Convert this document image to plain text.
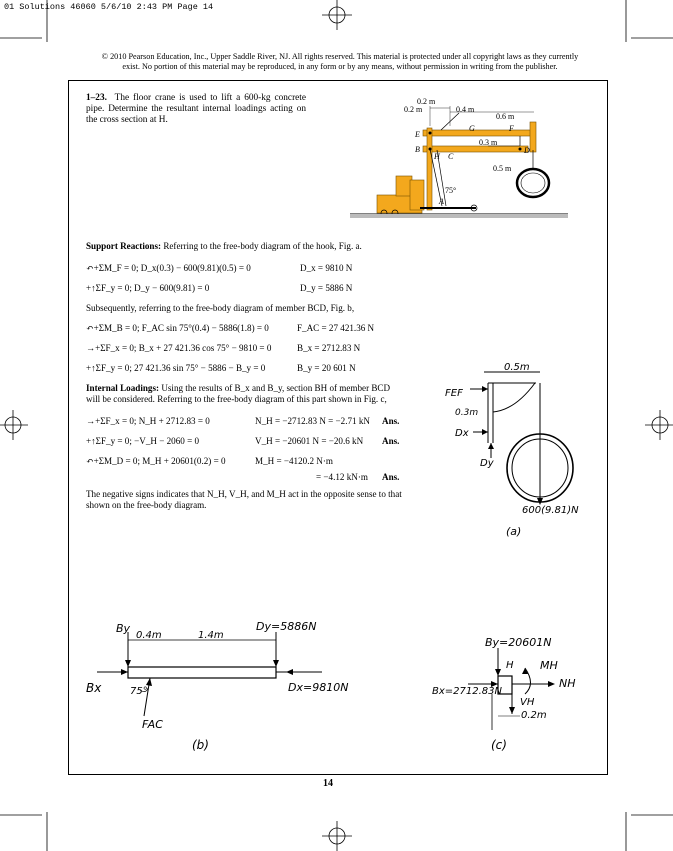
01 Solutions 46060 5/6/10 2:43 PM Page 14
© 2010 Pearson Education, Inc., Upper Saddle River, NJ. All rights reserved. This material is protected under all copyright laws as they currently exist. No portion of this material may be reproduced, in any form or by any means, without permission in writing from the publisher.
1–23. The floor crane is used to lift a 600-kg concrete pipe. Determine the resultant internal loadings acting on the cross section at H.
0.2 m
0.2 m	0.4 m
0.6 m
0.3 m
0.5 m
E
B
G	F
D
H C
A
75°
Support Reactions: Referring to the free-body diagram of the hook, Fig. a.
↶+ΣM_F = 0; D_x(0.3) − 600(9.81)(0.5) = 0	D_x = 9810 N
+↑ΣF_y = 0; D_y − 600(9.81) = 0	D_y = 5886 N
Subsequently, referring to the free-body diagram of member BCD, Fig. b,
↶+ΣM_B = 0; F_AC sin 75°(0.4) − 5886(1.8) = 0	F_AC = 27 421.36 N
→+ΣF_x = 0; B_x + 27 421.36 cos 75° − 9810 = 0	B_x = 2712.83 N
+↑ΣF_y = 0; 27 421.36 sin 75° − 5886 − B_y = 0	B_y = 20 601 N
Internal Loadings: Using the results of B_x and B_y, section BH of member BCD will be considered. Referring to the free-body diagram of this part shown in Fig. c,
→+ΣF_x = 0; N_H + 2712.83 = 0	N_H = −2712.83 N = −2.71 kN Ans.
+↑ΣF_y = 0; −V_H − 2060 = 0	V_H = −20601 N = −20.6 kN Ans.
↶+ΣM_D = 0; M_H + 20601(0.2) = 0	M_H = −4120.2 N·m
= −4.12 kN·m Ans.
The negative signs indicates that N_H, V_H, and M_H act in the opposite sense to that shown on the free-body diagram.
FEF
0.5m
0.3m
Dx
Dy
600(9.81)N
(a)
By
0.4m	1.4m
Dy=5886N
Bx	75°
FAC
Dx=9810N
(b)
By=20601N
H MH
NH
Bx=2712.83N
VH
0.2m
(c)
14
